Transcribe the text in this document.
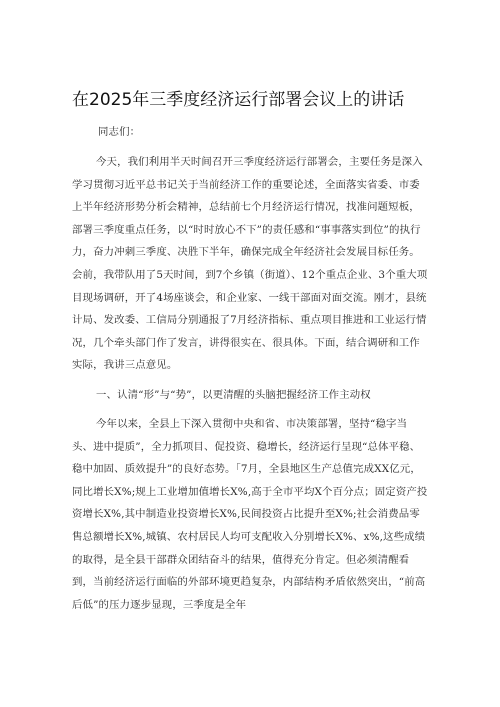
在2025年三季度经济运行部署会议上的讲话

同志们：

今天，我们利用半天时间召开三季度经济运行部署会，主要任务是深入学习贯彻习近平总书记关于当前经济工作的重要论述，全面落实省委、市委上半年经济形势分析会精神，总结前七个月经济运行情况，找准问题短板，部署三季度重点任务，以“时时放心不下”的责任感和“事事落实到位”的执行力，奋力冲刺三季度、决胜下半年，确保完成全年经济社会发展目标任务。会前，我带队用了5天时间，到7个乡镇（街道）、12个重点企业、3个重大项目现场调研，开了4场座谈会，和企业家、一线干部面对面交流。刚才，县统计局、发改委、工信局分别通报了7月经济指标、重点项目推进和工业运行情况，几个牵头部门作了发言，讲得很实在、很具体。下面，结合调研和工作实际，我讲三点意见。

一、认清“形”与“势”，以更清醒的头脑把握经济工作主动权

今年以来，全县上下深入贯彻中央和省、市决策部署，坚持“稳字当头、进中提质”，全力抓项目、促投资、稳增长，经济运行呈现“总体平稳、稳中加固、质效提升”的良好态势。「7月，全县地区生产总值完成XX亿元，同比增长X%;规上工业增加值增长X%,高于全市平均X个百分点；固定资产投资增长X%,其中制造业投资增长X%,民间投资占比提升至X%;社会消费品零售总额增长X%,城镇、农村居民人均可支配收入分别增长X%、x%,这些成绩的取得，是全县干部群众团结奋斗的结果，值得充分肯定。但必须清醒看到，当前经济运行面临的外部环境更趋复杂，内部结构矛盾依然突出，“前高后低”的压力逐步显现，三季度是全年
